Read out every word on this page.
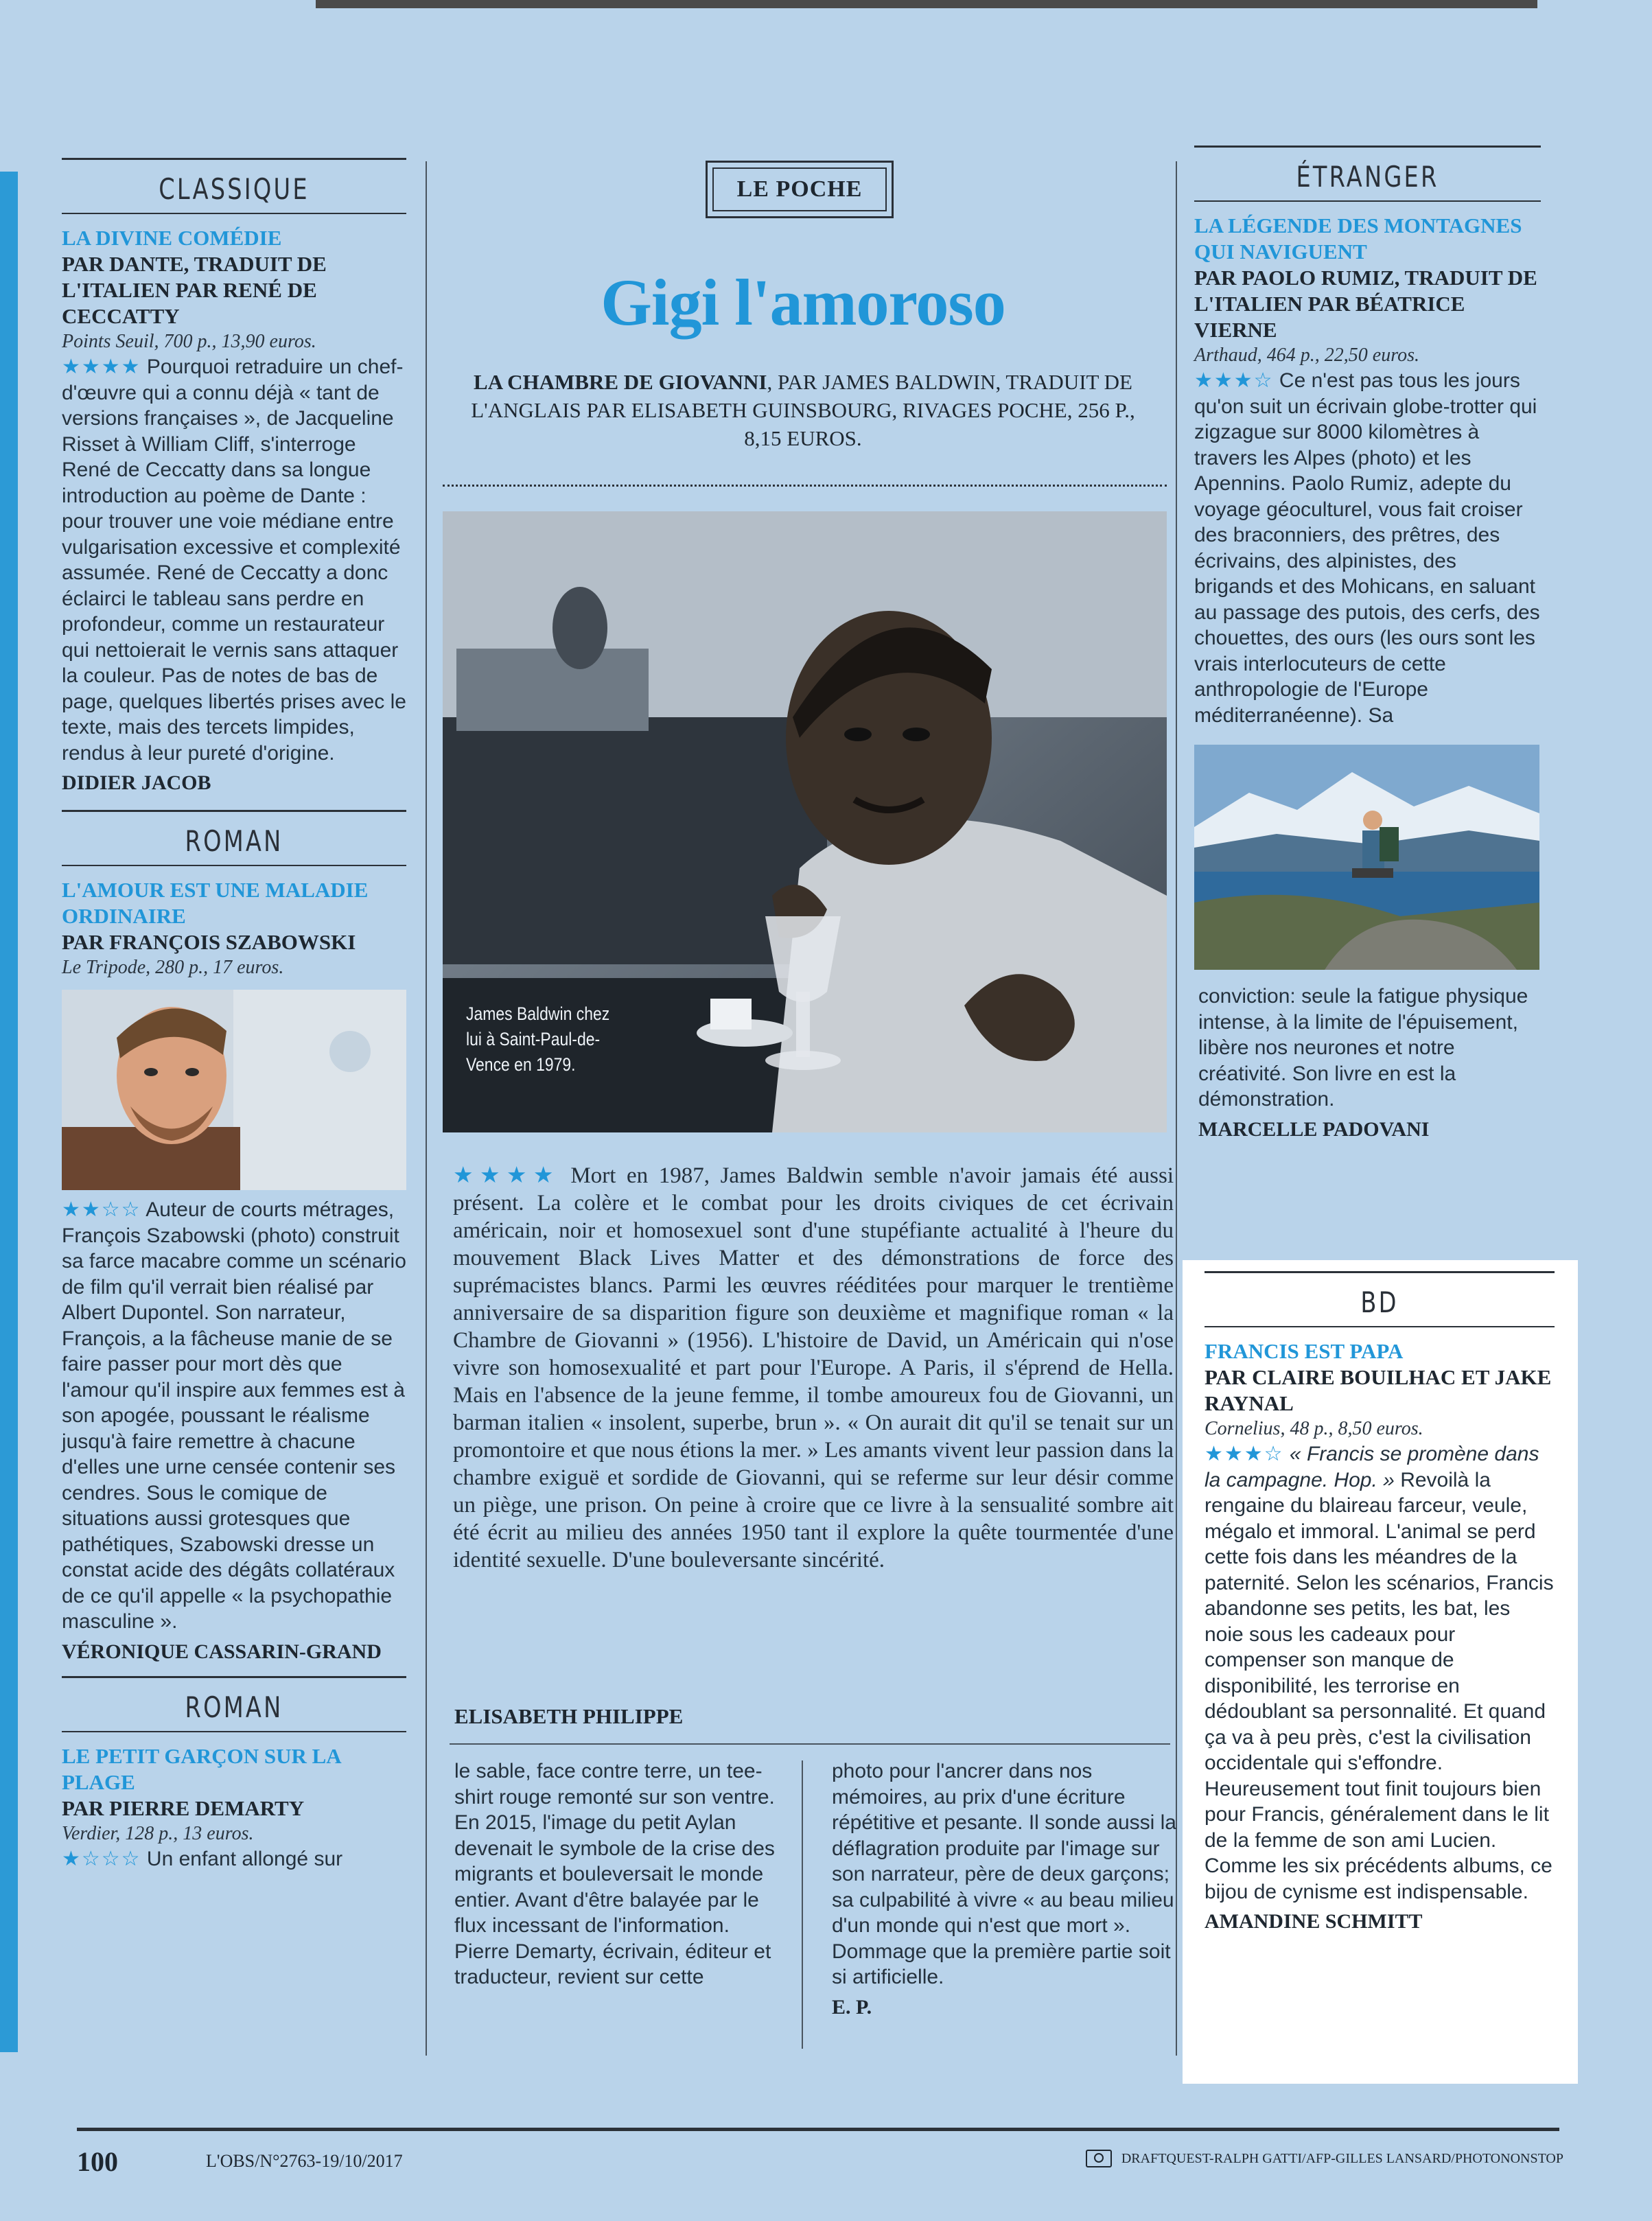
CLASSIQUE
LA DIVINE COMÉDIE
PAR DANTE, TRADUIT DE L'ITALIEN PAR RENÉ DE CECCATTY
Points Seuil, 700 p., 13,90 euros.
★★★★ Pourquoi retraduire un chef-d'œuvre qui a connu déjà « tant de versions françaises », de Jacqueline Risset à William Cliff, s'interroge René de Ceccatty dans sa longue introduction au poème de Dante : pour trouver une voie médiane entre vulgarisation excessive et complexité assumée. René de Ceccatty a donc éclairci le tableau sans perdre en profondeur, comme un restaurateur qui nettoierait le vernis sans attaquer la couleur. Pas de notes de bas de page, quelques libertés prises avec le texte, mais des tercets limpides, rendus à leur pureté d'origine.
DIDIER JACOB
ROMAN
L'AMOUR EST UNE MALADIE ORDINAIRE
PAR FRANÇOIS SZABOWSKI
Le Tripode, 280 p., 17 euros.
★★☆☆ Auteur de courts métrages, François Szabowski (photo) construit sa farce macabre comme un scénario de film qu'il verrait bien réalisé par Albert Dupontel. Son narrateur, François, a la fâcheuse manie de se faire passer pour mort dès que l'amour qu'il inspire aux femmes est à son apogée, poussant le réalisme jusqu'à faire remettre à chacune d'elles une urne censée contenir ses cendres. Sous le comique de situations aussi grotesques que pathétiques, Szabowski dresse un constat acide des dégâts collatéraux de ce qu'il appelle « la psychopathie masculine ».
VÉRONIQUE CASSARIN-GRAND
ROMAN
LE PETIT GARÇON SUR LA PLAGE
PAR PIERRE DEMARTY
Verdier, 128 p., 13 euros.
★☆☆☆ Un enfant allongé sur
LE POCHE
Gigi l'amoroso
LA CHAMBRE DE GIOVANNI, PAR JAMES BALDWIN, TRADUIT DE L'ANGLAIS PAR ELISABETH GUINSBOURG, RIVAGES POCHE, 256 P., 8,15 EUROS.
James Baldwin chez lui à Saint-Paul-de-Vence en 1979.
★★★★ Mort en 1987, James Baldwin semble n'avoir jamais été aussi présent. La colère et le combat pour les droits civiques de cet écrivain américain, noir et homosexuel sont d'une stupéfiante actualité à l'heure du mouvement Black Lives Matter et des démonstrations de force des suprémacistes blancs. Parmi les œuvres rééditées pour marquer le trentième anniversaire de sa disparition figure son deuxième et magnifique roman « la Chambre de Giovanni » (1956). L'histoire de David, un Américain qui n'ose vivre son homosexualité et part pour l'Europe. A Paris, il s'éprend de Hella. Mais en l'absence de la jeune femme, il tombe amoureux fou de Giovanni, un barman italien « insolent, superbe, brun ». « On aurait dit qu'il se tenait sur un promontoire et que nous étions la mer. » Les amants vivent leur passion dans la chambre exiguë et sordide de Giovanni, qui se referme sur leur désir comme un piège, une prison. On peine à croire que ce livre à la sensualité sombre ait été écrit au milieu des années 1950 tant il explore la quête tourmentée d'une identité sexuelle. D'une bouleversante sincérité.
ELISABETH PHILIPPE
le sable, face contre terre, un tee-shirt rouge remonté sur son ventre. En 2015, l'image du petit Aylan devenait le symbole de la crise des migrants et bouleversait le monde entier. Avant d'être balayée par le flux incessant de l'information. Pierre Demarty, écrivain, éditeur et traducteur, revient sur cette
photo pour l'ancrer dans nos mémoires, au prix d'une écriture répétitive et pesante. Il sonde aussi la déflagration produite par l'image sur son narrateur, père de deux garçons; sa culpabilité à vivre « au beau milieu d'un monde qui n'est que mort ». Dommage que la première partie soit si artificielle.
E. P.
ÉTRANGER
LA LÉGENDE DES MONTAGNES QUI NAVIGUENT
PAR PAOLO RUMIZ, TRADUIT DE L'ITALIEN PAR BÉATRICE VIERNE
Arthaud, 464 p., 22,50 euros.
★★★☆ Ce n'est pas tous les jours qu'on suit un écrivain globe-trotter qui zigzague sur 8000 kilomètres à travers les Alpes (photo) et les Apennins. Paolo Rumiz, adepte du voyage géoculturel, vous fait croiser des braconniers, des prêtres, des écrivains, des alpinistes, des brigands et des Mohicans, en saluant au passage des putois, des cerfs, des chouettes, des ours (les ours sont les vrais interlocuteurs de cette anthropologie de l'Europe méditerranéenne). Sa
conviction: seule la fatigue physique intense, à la limite de l'épuisement, libère nos neurones et notre créativité. Son livre en est la démonstration.
MARCELLE PADOVANI
BD
FRANCIS EST PAPA
PAR CLAIRE BOUILHAC ET JAKE RAYNAL
Cornelius, 48 p., 8,50 euros.
★★★☆ « Francis se promène dans la campagne. Hop. » Revoilà la rengaine du blaireau farceur, veule, mégalo et immoral. L'animal se perd cette fois dans les méandres de la paternité. Selon les scénarios, Francis abandonne ses petits, les bat, les noie sous les cadeaux pour compenser son manque de disponibilité, les terrorise en dédoublant sa personnalité. Et quand ça va à peu près, c'est la civilisation occidentale qui s'effondre. Heureusement tout finit toujours bien pour Francis, généralement dans le lit de la femme de son ami Lucien. Comme les six précédents albums, ce bijou de cynisme est indispensable.
AMANDINE SCHMITT
100	L'OBS/N°2763-19/10/2017	DRAFTQUEST-RALPH GATTI/AFP-GILLES LANSARD/PHOTONONSTOP
